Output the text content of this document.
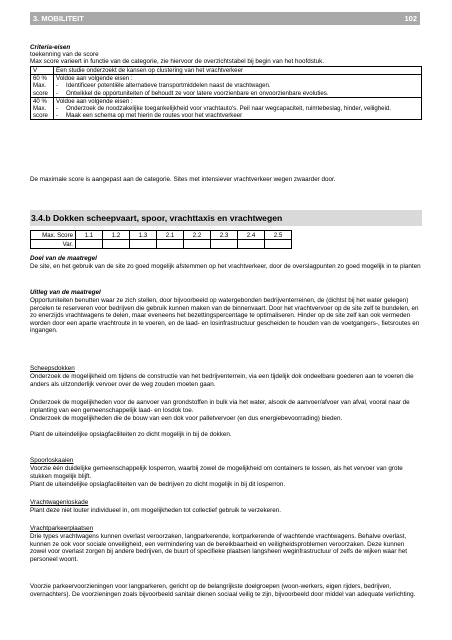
3. MOBILITEIT	102
Criteria-eisen
toekenning van de score
Max score varieert in functie van de categorie, zie hiervoor de overzichtstabel bij begin van het hoofdstuk.
V	Een studie onderzoekt de kansen op clustering van het vrachtverkeer
60 % Max. score	Voldoe aan volgende eisen :
- Identificeer potentiële alternatieve transportmiddelen naast de vrachtwagen.
- Ontwikkel de opportuniteiten of behoudt ze voor latere voorzienbare en onvoorzienbare evoluties.

40 % Max. score	Voldoe aan volgende eisen :
- Onderzoek de noodzakelijke toegankelijkheid voor vrachtauto's. Peil naar wegcapaciteit, ruimtebeslag, hinder, veiligheid.
- Maak een schema op met hierin de routes voor het vrachtverkeer
De maximale score is aangepast aan de categorie. Sites met intensiever vrachtverkeer wegen zwaarder door.
3.4.b Dokken scheepvaart, spoor, vrachttaxis en vrachtwegen
Max. Score	1.1	1.2	1.3	2.1	2.2	2.3	2.4	2.5
Var.								
Doel van de maatregel
De site, en het gebruik van de site zo goed mogelijk afstemmen op het vrachtverkeer, door de overslagpunten zo goed mogelijk in te planten
Uitleg van de maatregel
Opportuniteiten benutten waar ze zich stellen, door bijvoorbeeld op watergebonden bedrijventerreinen, de (dichtst bij het water gelegen) percelen te reserveren voor bedrijven die gebruik kunnen maken van de binnenvaart. Door het vrachtvervoer op de site zelf te bundelen, en zo enerzijds vrachtwagens te delen, maar eveneens het bezettingspercentage te optimaliseren. Hinder op de site zelf kan ook vermeden worden door een aparte vrachtroute in te voeren, en de laad- en losinfrastructuur gescheiden te houden van de voetgangers-, fietsroutes en ingangen.
Scheepsdokken
Onderzoek de mogelijkheid om tijdens de constructie van het bedrijventerrein, via een tijdelijk dok ondeelbare goederen aan te voeren die anders als uitzonderlijk vervoer over de weg zouden moeten gaan.
Onderzoek de mogelijkheden voor de aanvoer van grondstoffen in bulk via het water, alsook de aanvoer/afvoer van afval, vooral naar de inplanting van een gemeenschappelijk laad- en losdok toe.
Onderzoek de mogelijkheden die de bouw van een dok voor palletvervoer (en dus energiebevoorrading) bieden.
Plant de uiteindelijke opslagfaciliteiten zo dicht mogelijk in bij de dokken.
Spoorloskaaien
Voorzie één duidelijke gemeenschappelijk losperron, waarbij zowel de mogelijkheid om containers te lossen, als het vervoer van grote stukken mogelijk blijft.
Plant de uiteindelijke opslagfaciliteiten van de bedrijven zo dicht mogelijk in bij dit losperron.
Vrachtwagenloskade
Plant deze niet louter individueel in, om mogelijkheden tot collectief gebruik te verzekeren.
Vrachtparkeerplaatsen
Drie types vrachtwagens kunnen overlast veroorzaken, langparkerende, kortparkerende of wachtende vrachtwagens. Behalve overlast, kunnen ze ook voor sociale onveiligheid, een vermindering van de bereikbaarheid en veiligheidsproblemen veroorzaken. Deze kunnen zowel voor overlast zorgen bij andere bedrijven, de buurt of specifieke plaatsen langsheen weginfrastructuur of zelfs de wijken waar het personeel woont.
Voorzie parkeervoorzieningen voor langparkeren, gericht op de belangrijkste doelgroepen (woon-werkers, eigen rijders, bedrijven, overnachters). De voorzieningen zoals bijvoorbeeld sanitair dienen sociaal veilig te zijn, bijvoorbeeld door middel van adequate verlichting.
